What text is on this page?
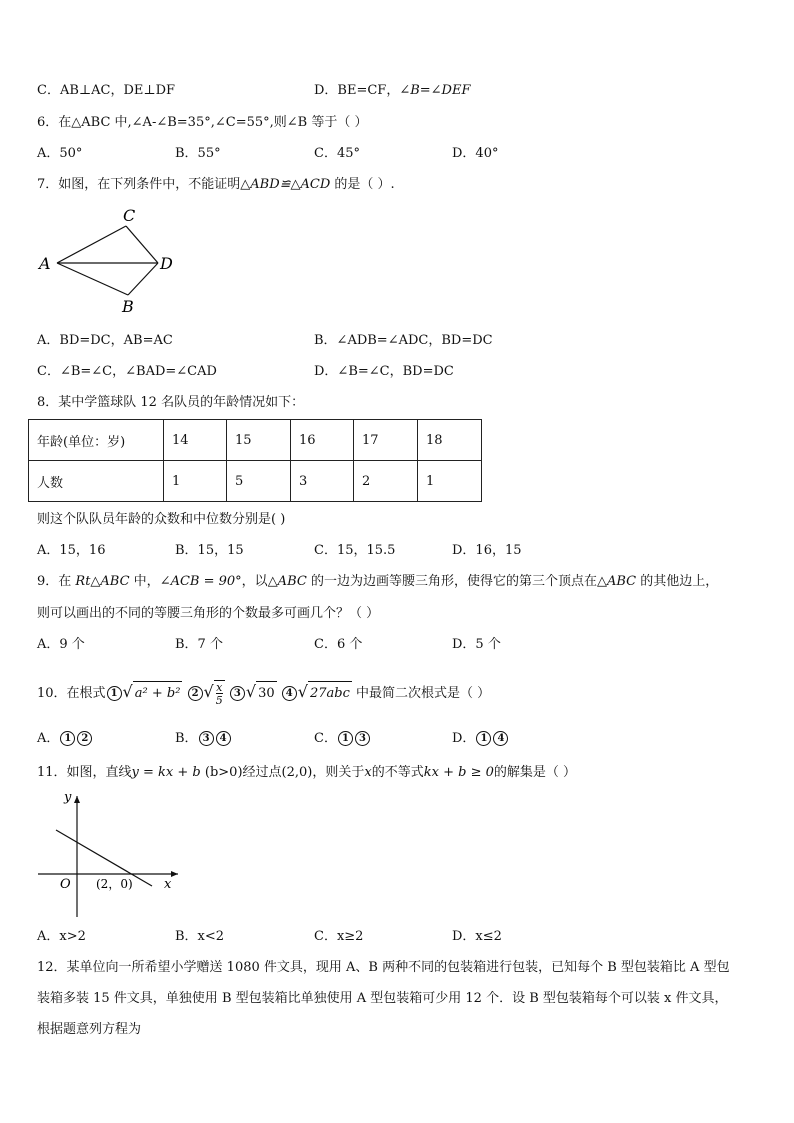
C．AB⊥AC，DE⊥DF	D．BE=CF，∠B=∠DEF
6．在△ABC 中,∠A-∠B=35°,∠C=55°,则∠B 等于（ ）
A．50°	B．55°	C．45°	D．40°
7．如图，在下列条件中，不能证明△ABD≌△ACD 的是（ ）.
A
C
D
B
A．BD=DC，AB=AC	B．∠ADB=∠ADC，BD=DC
C．∠B=∠C，∠BAD=∠CAD	D．∠B=∠C，BD=DC
8．某中学篮球队 12 名队员的年龄情况如下：
年龄(单位：岁)	14	15	16	17	18
人数	1	5	3	2	1
则这个队队员年龄的众数和中位数分别是( )
A．15，16	B．15，15	C．15，15.5	D．16，15
9．在 Rt△ABC 中，∠ACB = 90°，以△ABC 的一边为边画等腰三角形，使得它的第三个顶点在△ABC 的其他边上，
则可以画出的不同的等腰三角形的个数最多可画几个？（ ）
A．9 个	B．7 个	C．6 个	D．5 个
10．在根式 1 √ a² + b² 2 $√\frac{x}{5} 3$ √ 30 4 √ 27abc 中最简二次根式是（ ）
A． 1 2	B． 3 4	C． 1 3	D． 1 4
11．如图，直线y = kx + b (b>0)经过点(2,0)，则关于x的不等式kx + b ≥ 0的解集是（ ）
y
x
O (2，0)
A．x>2	B．x<2	C．x≥2	D．x≤2
12．某单位向一所希望小学赠送 1080 件文具，现用 A、B 两种不同的包装箱进行包装，已知每个 B 型包装箱比 A 型包
装箱多装 15 件文具，单独使用 B 型包装箱比单独使用 A 型包装箱可少用 12 个．设 B 型包装箱每个可以装 x 件文具，
根据题意列方程为
